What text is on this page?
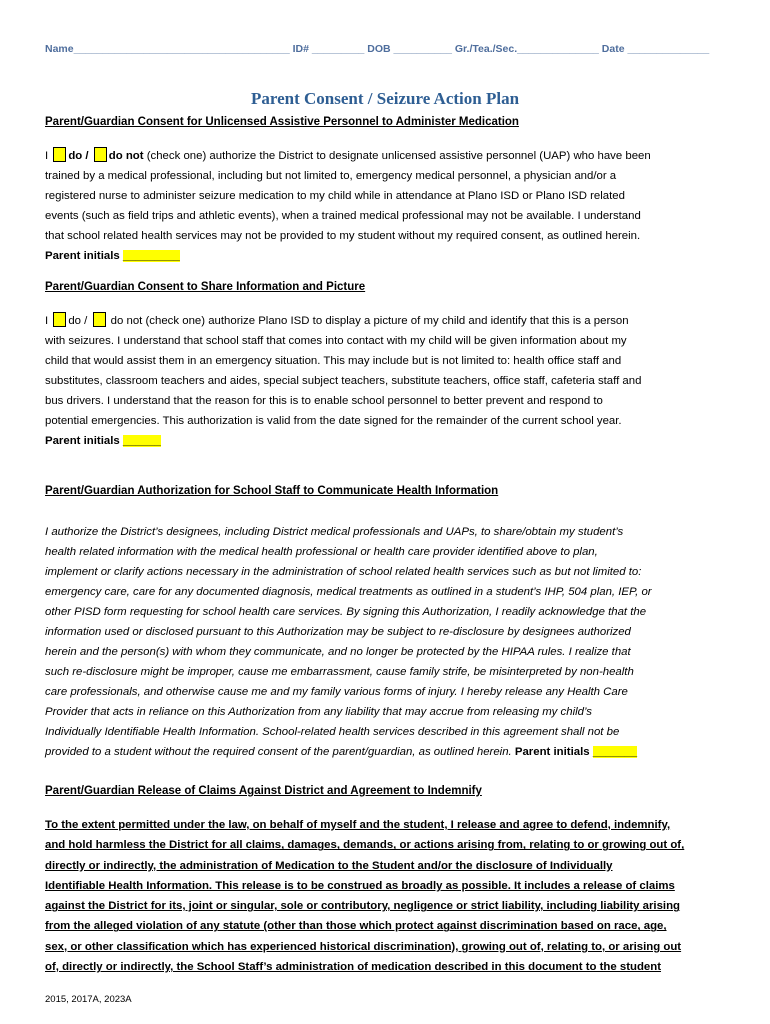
Name_____________________________________ ID# _________ DOB __________ Gr./Tea./Sec.______________ Date ______________
Parent Consent / Seizure Action Plan
Parent/Guardian Consent for Unlicensed Assistive Personnel to Administer Medication
I do / do not (check one) authorize the District to designate unlicensed assistive personnel (UAP) who have been
trained by a medical professional, including but not limited to, emergency medical personnel, a physician and/or a
registered nurse to administer seizure medication to my child while in attendance at Plano ISD or Plano ISD related
events (such as field trips and athletic events), when a trained medical professional may not be available. I understand
that school related health services may not be provided to my student without my required consent, as outlined herein.
Parent initials _________
Parent/Guardian Consent to Share Information and Picture
I do /  do not (check one) authorize Plano ISD to display a picture of my child and identify that this is a person
with seizures. I understand that school staff that comes into contact with my child will be given information about my
child that would assist them in an emergency situation. This may include but is not limited to: health office staff and
substitutes, classroom teachers and aides, special subject teachers, substitute teachers, office staff, cafeteria staff and
bus drivers. I understand that the reason for this is to enable school personnel to better prevent and respond to
potential emergencies. This authorization is valid from the date signed for the remainder of the current school year.
Parent initials ______
Parent/Guardian Authorization for School Staff to Communicate Health Information
I authorize the District’s designees, including District medical professionals and UAPs, to share/obtain my student’s
health related information with the medical health professional or health care provider identified above to plan,
implement or clarify actions necessary in the administration of school related health services such as but not limited to:
emergency care, care for any documented diagnosis, medical treatments as outlined in a student’s IHP, 504 plan, IEP, or
other PISD form requesting for school health care services. By signing this Authorization, I readily acknowledge that the
information used or disclosed pursuant to this Authorization may be subject to re-disclosure by designees authorized
herein and the person(s) with whom they communicate, and no longer be protected by the HIPAA rules. I realize that
such re-disclosure might be improper, cause me embarrassment, cause family strife, be misinterpreted by non-health
care professionals, and otherwise cause me and my family various forms of injury. I hereby release any Health Care
Provider that acts in reliance on this Authorization from any liability that may accrue from releasing my child’s
Individually Identifiable Health Information. School-related health services described in this agreement shall not be
provided to a student without the required consent of the parent/guardian, as outlined herein. Parent initials _______
Parent/Guardian Release of Claims Against District and Agreement to Indemnify
To the extent permitted under the law, on behalf of myself and the student, I release and agree to defend, indemnify,
and hold harmless the District for all claims, damages, demands, or actions arising from, relating to or growing out of,
directly or indirectly, the administration of Medication to the Student and/or the disclosure of Individually
Identifiable Health Information. This release is to be construed as broadly as possible. It includes a release of claims
against the District for its, joint or singular, sole or contributory, negligence or strict liability, including liability arising
from the alleged violation of any statute (other than those which protect against discrimination based on race, age,
sex, or other classification which has experienced historical discrimination), growing out of, relating to, or arising out
of, directly or indirectly, the School Staff’s administration of medication described in this document to the student
2015, 2017A, 2023A
